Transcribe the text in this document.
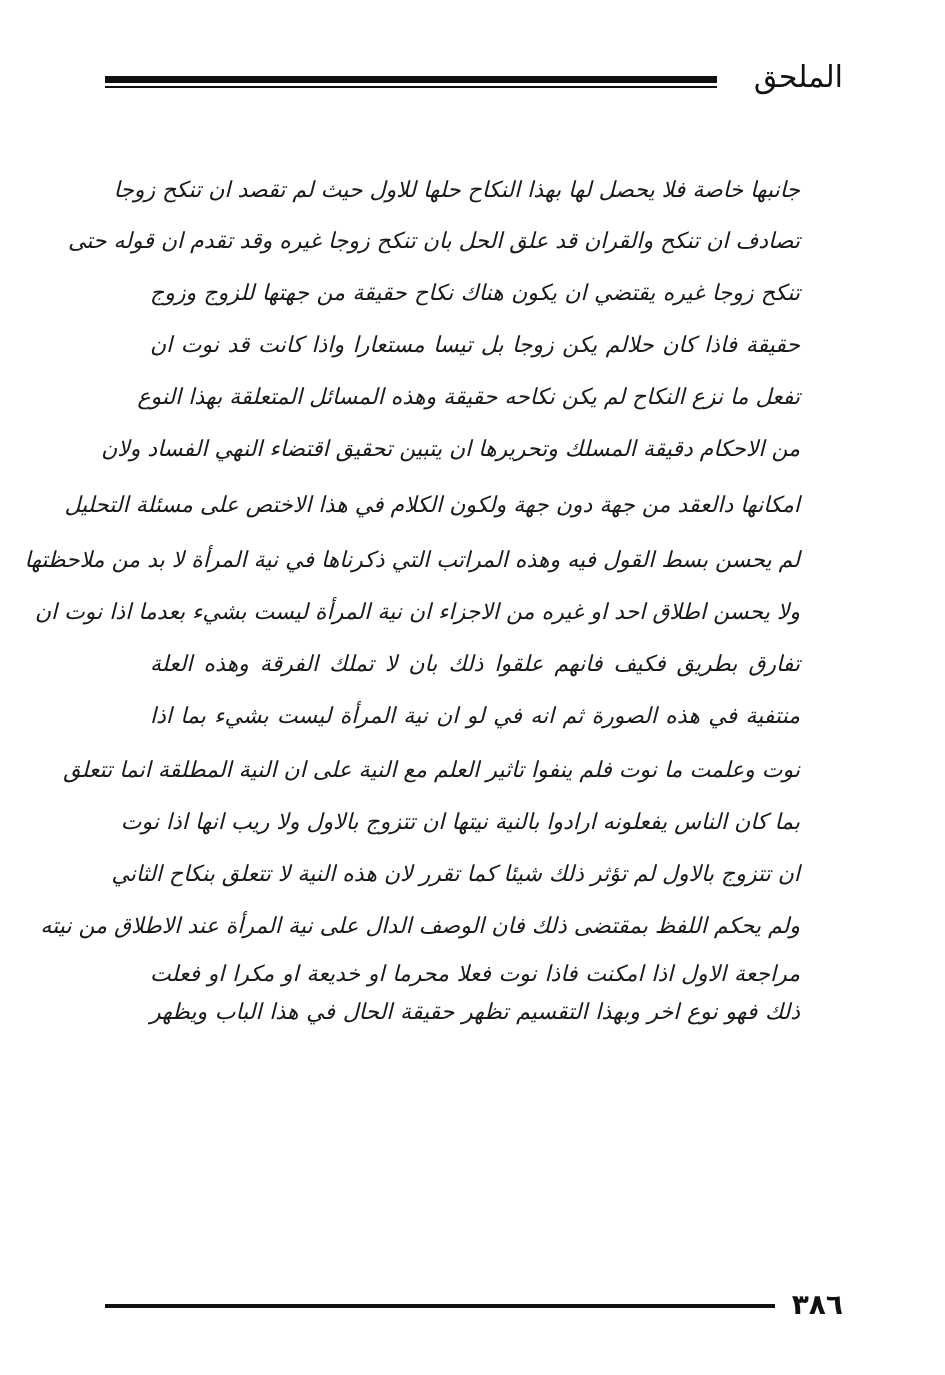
الملحق
جانبها خاصة فلا يحصل لها بهذا النكاح حلها للاول حيث لم تقصد ان تنكح زوجا
تصادف ان تنكح والقران قد علق الحل بان تنكح زوجا غيره وقد تقدم ان قوله حتى
تنكح زوجا غيره يقتضي ان يكون هناك نكاح حقيقة من جهتها للزوج وزوج
حقيقة فاذا كان حلالم يكن زوجا بل تيسا مستعارا واذا كانت قد نوت ان
تفعل ما نزع النكاح لم يكن نكاحه حقيقة وهذه المسائل المتعلقة بهذا النوع
من الاحكام دقيقة المسلك وتحريرها ان يتبين تحقيق اقتضاء النهي الفساد ولان
امكانها دالعقد من جهة دون جهة ولكون الكلام في هذا الاختص على مسئلة التحليل
لم يحسن بسط القول فيه وهذه المراتب التي ذكرناها في نية المرأة لا بد من ملاحظتها
ولا يحسن اطلاق احد او غيره من الاجزاء ان نية المرأة ليست بشيء بعدما اذا نوت ان
تفارق بطريق فكيف فانهم علقوا ذلك بان لا تملك الفرقة وهذه العلة
منتفية في هذه الصورة ثم انه في لو ان نية المرأة ليست بشيء بما اذا
نوت وعلمت ما نوت فلم ينفوا تاثير العلم مع النية على ان النية المطلقة انما تتعلق
بما كان الناس يفعلونه ارادوا بالنية نيتها ان تتزوج بالاول ولا ريب انها اذا نوت
ان تتزوج بالاول لم تؤثر ذلك شيئا كما تقرر لان هذه النية لا تتعلق بنكاح الثاني
ولم يحكم اللفظ بمقتضى ذلك فان الوصف الدال على نية المرأة عند الاطلاق من نيته
مراجعة الاول اذا امكنت فاذا نوت فعلا محرما او خديعة او مكرا او فعلت
ذلك فهو نوع اخر وبهذا التقسيم تظهر حقيقة الحال في هذا الباب ويظهر
٣٨٦
